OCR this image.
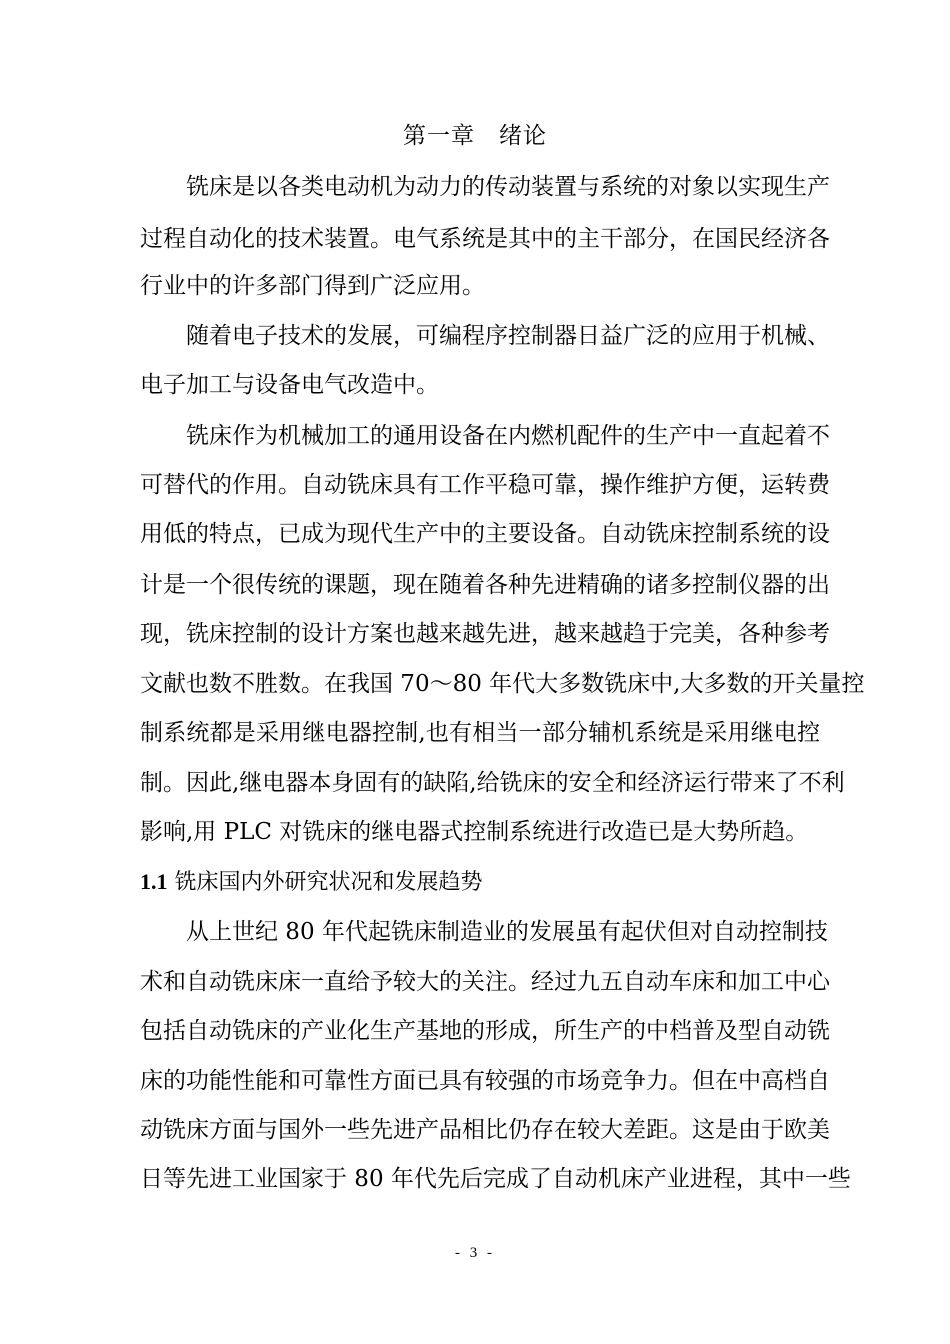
第一章　绪论
铣床是以各类电动机为动力的传动装置与系统的对象以实现生产
过程自动化的技术装置。电气系统是其中的主干部分，在国民经济各
行业中的许多部门得到广泛应用。
随着电子技术的发展，可编程序控制器日益广泛的应用于机械、
电子加工与设备电气改造中。
铣床作为机械加工的通用设备在内燃机配件的生产中一直起着不
可替代的作用。自动铣床具有工作平稳可靠，操作维护方便，运转费
用低的特点，已成为现代生产中的主要设备。自动铣床控制系统的设
计是一个很传统的课题，现在随着各种先进精确的诸多控制仪器的出
现，铣床控制的设计方案也越来越先进，越来越趋于完美，各种参考
文献也数不胜数。在我国 70～80 年代大多数铣床中,大多数的开关量控
制系统都是采用继电器控制,也有相当一部分辅机系统是采用继电控
制。因此,继电器本身固有的缺陷,给铣床的安全和经济运行带来了不利
影响,用 PLC 对铣床的继电器式控制系统进行改造已是大势所趋。
1.1 铣床国内外研究状况和发展趋势
从上世纪 80 年代起铣床制造业的发展虽有起伏但对自动控制技
术和自动铣床床一直给予较大的关注。经过九五自动车床和加工中心
包括自动铣床的产业化生产基地的形成，所生产的中档普及型自动铣
床的功能性能和可靠性方面已具有较强的市场竞争力。但在中高档自
动铣床方面与国外一些先进产品相比仍存在较大差距。这是由于欧美
日等先进工业国家于 80 年代先后完成了自动机床产业进程，其中一些
- 3 -
